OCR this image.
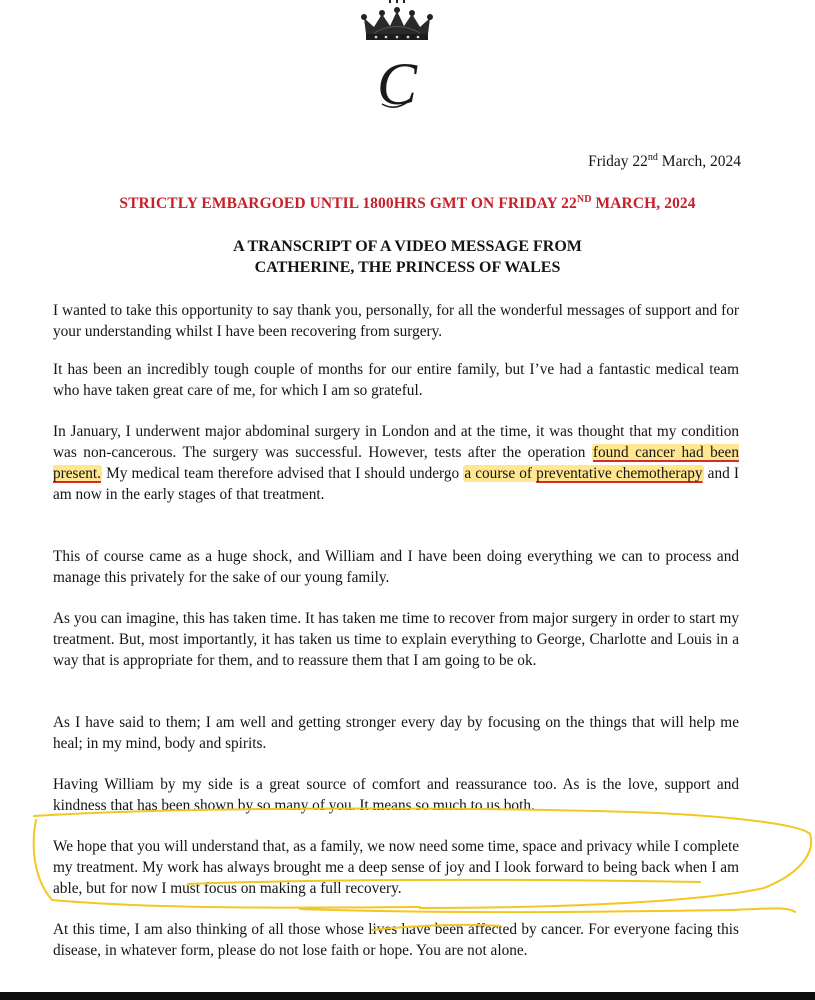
C
Friday 22nd March, 2024
STRICTLY EMBARGOED UNTIL 1800HRS GMT ON FRIDAY 22ND MARCH, 2024
A TRANSCRIPT OF A VIDEO MESSAGE FROM
CATHERINE, THE PRINCESS OF WALES

I wanted to take this opportunity to say thank you, personally, for all the wonderful messages of support and for your understanding whilst I have been recovering from surgery.

It has been an incredibly tough couple of months for our entire family, but I’ve had a fantastic medical team who have taken great care of me, for which I am so grateful.

In January, I underwent major abdominal surgery in London and at the time, it was thought that my condition was non-cancerous. The surgery was successful. However, tests after the operation found cancer had been present. My medical team therefore advised that I should undergo a course of preventative chemotherapy and I am now in the early stages of that treatment.

This of course came as a huge shock, and William and I have been doing everything we can to process and manage this privately for the sake of our young family.

As you can imagine, this has taken time. It has taken me time to recover from major surgery in order to start my treatment. But, most importantly, it has taken us time to explain everything to George, Charlotte and Louis in a way that is appropriate for them, and to reassure them that I am going to be ok.

As I have said to them; I am well and getting stronger every day by focusing on the things that will help me heal; in my mind, body and spirits.

Having William by my side is a great source of comfort and reassurance too. As is the love, support and kindness that has been shown by so many of you. It means so much to us both.

We hope that you will understand that, as a family, we now need some time, space and privacy while I complete my treatment. My work has always brought me a deep sense of joy and I look forward to being back when I am able, but for now I must focus on making a full recovery.

At this time, I am also thinking of all those whose lives have been affected by cancer. For everyone facing this disease, in whatever form, please do not lose faith or hope. You are not alone.
